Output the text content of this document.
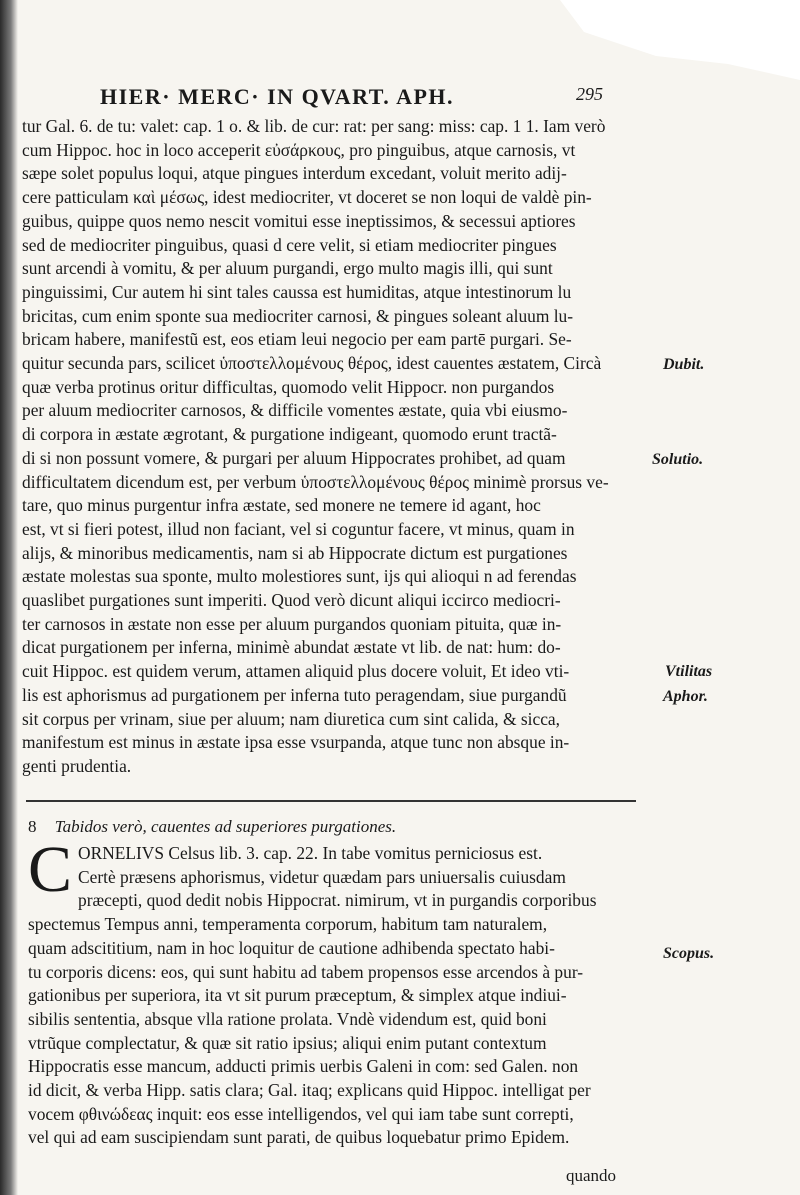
HIER· MERC· IN QVART. APH.	295
tur Gal. 6. de tu: valet: cap. 1 o. & lib. de cur: rat: per sang: miss: cap. 1 1. Iam verò
cum Hippoc. hoc in loco acceperit εὐσάρκους, pro pinguibus, atque carnosis, vt
sæpe solet populus loqui, atque pingues interdum excedant, voluit merito adij-
cere patticulam καὶ μέσως, idest mediocriter, vt doceret se non loqui de valdè pin-
guibus, quippe quos nemo nescit vomitui esse ineptissimos, & secessui aptiores
sed de mediocriter pinguibus, quasi d cere velit, si etiam mediocriter pingues
sunt arcendi à vomitu, & per aluum purgandi, ergo multo magis illi, qui sunt
pinguissimi, Cur autem hi sint tales caussa est humiditas, atque intestinorum lu
bricitas, cum enim sponte sua mediocriter carnosi, & pingues soleant aluum lu-
bricam habere, manifestũ est, eos etiam leui negocio per eam partē purgari. Se-
quitur secunda pars, scilicet ὑποστελλομένους θέρος, idest cauentes æstatem, Circà
quæ verba protinus oritur difficultas, quomodo velit Hippocr. non purgandos
per aluum mediocriter carnosos, & difficile vomentes æstate, quia vbi eiusmo-
di corpora in æstate ægrotant, & purgatione indigeant, quomodo erunt tractã-
di si non possunt vomere, & purgari per aluum Hippocrates prohibet, ad quam
difficultatem dicendum est, per verbum ὑποστελλομένους θέρος minimè prorsus ve-
tare, quo minus purgentur infra æstate, sed monere ne temere id agant, hoc
est, vt si fieri potest, illud non faciant, vel si coguntur facere, vt minus, quam in
alijs, & minoribus medicamentis, nam si ab Hippocrate dictum est purgationes
æstate molestas sua sponte, multo molestiores sunt, ijs qui alioqui n ad ferendas
quaslibet purgationes sunt imperiti. Quod verò dicunt aliqui iccirco mediocri-
ter carnosos in æstate non esse per aluum purgandos quoniam pituita, quæ in-
dicat purgationem per inferna, minimè abundat æstate vt lib. de nat: hum: do-
cuit Hippoc. est quidem verum, attamen aliquid plus docere voluit, Et ideo vti-
lis est aphorismus ad purgationem per inferna tuto peragendam, siue purgandũ
sit corpus per vrinam, siue per aluum; nam diuretica cum sint calida, & sicca,
manifestum est minus in æstate ipsa esse vsurpanda, atque tunc non absque in-
genti prudentia.
Dubit.
Solutio.
Vtilitas
Aphor.
Scopus.
8 Tabidos verò, cauentes ad superiores purgationes.
C ORNELIVS Celsus lib. 3. cap. 22. In tabe vomitus perniciosus est.
Certè præsens aphorismus, videtur quædam pars uniuersalis cuiusdam
præcepti, quod dedit nobis Hippocrat. nimirum, vt in purgandis corporibus
spectemus Tempus anni, temperamenta corporum, habitum tam naturalem,
quam adscititium, nam in hoc loquitur de cautione adhibenda spectato habi-
tu corporis dicens: eos, qui sunt habitu ad tabem propensos esse arcendos à pur-
gationibus per superiora, ita vt sit purum præceptum, & simplex atque indiui-
sibilis sententia, absque vlla ratione prolata. Vndè videndum est, quid boni
vtrũque complectatur, & quæ sit ratio ipsius; aliqui enim putant contextum
Hippocratis esse mancum, adducti primis uerbis Galeni in com: sed Galen. non
id dicit, & verba Hipp. satis clara; Gal. itaq; explicans quid Hippoc. intelligat per
vocem φθινώδεας inquit: eos esse intelligendos, vel qui iam tabe sunt correpti,
vel qui ad eam suscipiendam sunt parati, de quibus loquebatur primo Epidem.
quando
